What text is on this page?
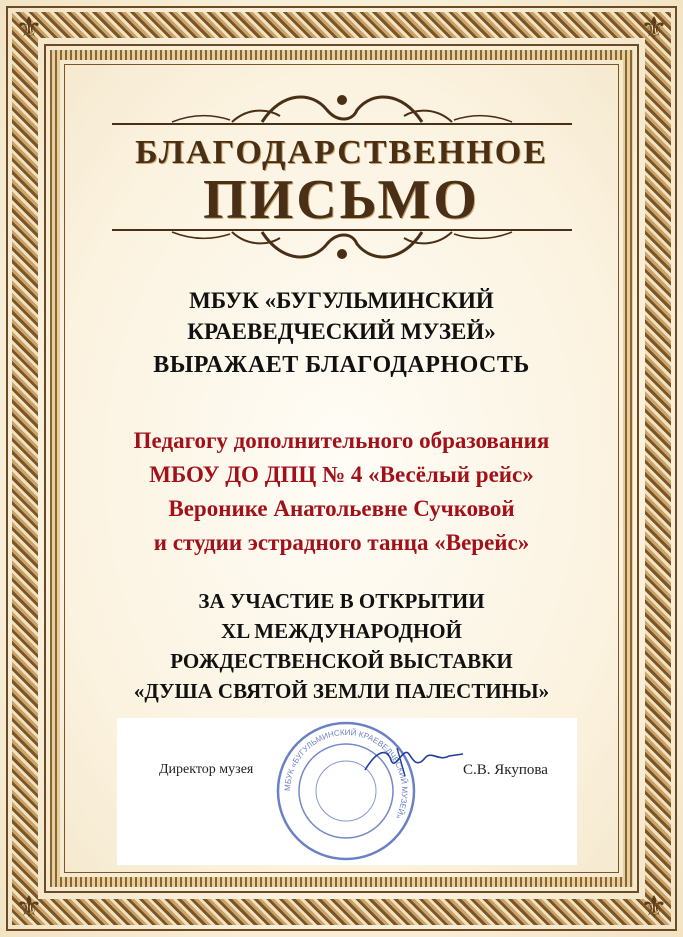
⚜	⚜
⚜	⚜
БЛАГОДАРСТВЕННОЕ
ПИСЬМО
МБУК «БУГУЛЬМИНСКИЙ
КРАЕВЕДЧЕСКИЙ МУЗЕЙ»
ВЫРАЖАЕТ БЛАГОДАРНОСТЬ
Педагогу дополнительного образования
МБОУ ДО ДПЦ № 4 «Весёлый рейс»
Веронике Анатольевне Сучковой
и студии эстрадного танца «Верейс»
ЗА УЧАСТИЕ В ОТКРЫТИИ
XL МЕЖДУНАРОДНОЙ
РОЖДЕСТВЕНСКОЙ ВЫСТАВКИ
«ДУША СВЯТОЙ ЗЕМЛИ ПАЛЕСТИНЫ»
МБУК «БУГУЛЬМИНСКИЙ КРАЕВЕДЧЕСКИЙ МУЗЕЙ»
Директор музея	С.В. Якупова
